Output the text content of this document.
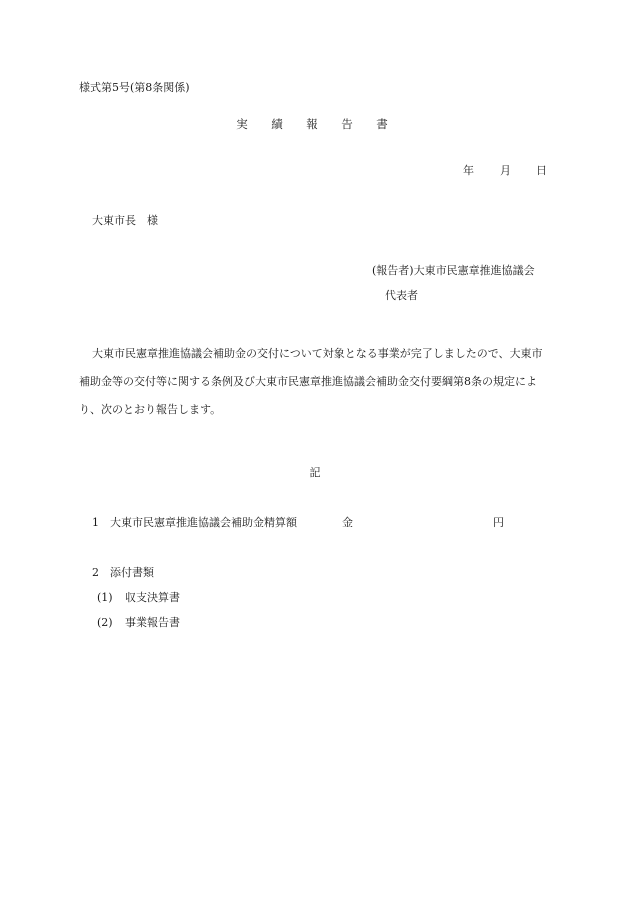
様式第5号(第8条関係)
実　績　報　告　書
年 月 日
大東市長　様
(報告者)大東市民憲章推進協議会
代表者
大東市民憲章推進協議会補助金の交付について対象となる事業が完了しましたので、大東市補助金等の交付等に関する条例及び大東市民憲章推進協議会補助金交付要綱第8条の規定により、次のとおり報告します。
記
1 大東市民憲章推進協議会補助金精算額	金	円
2 添付書類
(1) 収支決算書
(2) 事業報告書
